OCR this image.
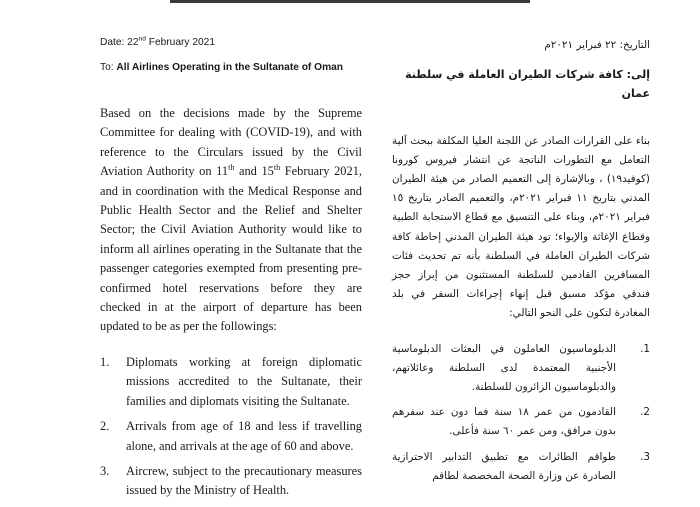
Date: 22nd February 2021

To: All Airlines Operating in the Sultanate of Oman

Based on the decisions made by the Supreme Committee for dealing with (COVID-19), and with reference to the Circulars issued by the Civil Aviation Authority on 11th and 15th February 2021, and in coordination with the Medical Response and Public Health Sector and the Relief and Shelter Sector; the Civil Aviation Authority would like to inform all airlines operating in the Sultanate that the passenger categories exempted from presenting pre-confirmed hotel reservations before they are checked in at the airport of departure has been updated to be as per the followings:

1. Diplomats working at foreign diplomatic missions accredited to the Sultanate, their families and diplomats visiting the Sultanate.
2. Arrivals from age of 18 and less if travelling alone, and arrivals at the age of 60 and above.
3. Aircrew, subject to the precautionary measures issued by the Ministry of Health.

التاريخ: ٢٢ فبراير ٢٠٢١م

إلى: كافة شركات الطيران العاملة في سلطنة عمان

بناء على القرارات الصادر عن اللجنة العليا المكلفة ببحث آلية التعامل مع التطورات الناتجة عن انتشار فيروس كورونا (كوفيد١٩) ، وبالإشارة إلى التعميم الصادر من هيئة الطيران المدني بتاريخ ١١ فبراير ٢٠٢١م، والتعميم الصادر بتاريخ ١٥ فبراير ٢٠٢١م، وبناء على التنسيق مع قطاع الاستجابة الطبية وقطاع الإغاثة والإيواء؛ تود هيئة الطيران المدني إحاطة كافة شركات الطيران العاملة في السلطنة بأنه تم تحديث فئات المسافرين القادمين للسلطنة المستثنون من إبراز حجز فندقي مؤكد مسبق قبل إنهاء إجراءات السفر في بلد المغادرة لتكون على النحو التالي:

.1
الدبلوماسيون العاملون في البعثات الدبلوماسية الأجنبية المعتمدة لدى السلطنة وعائلاتهم، والدبلوماسيون الزائرون للسلطنة.
.2
القادمون من عمر ١٨ سنة فما دون عند سفرهم بدون مرافق، ومن عمر ٦٠ سنة فأعلى.
.3
طواقم الطائرات مع تطبيق التدابير الاحترازية الصادرة عن وزارة الصحة المخصصة لطاقم
